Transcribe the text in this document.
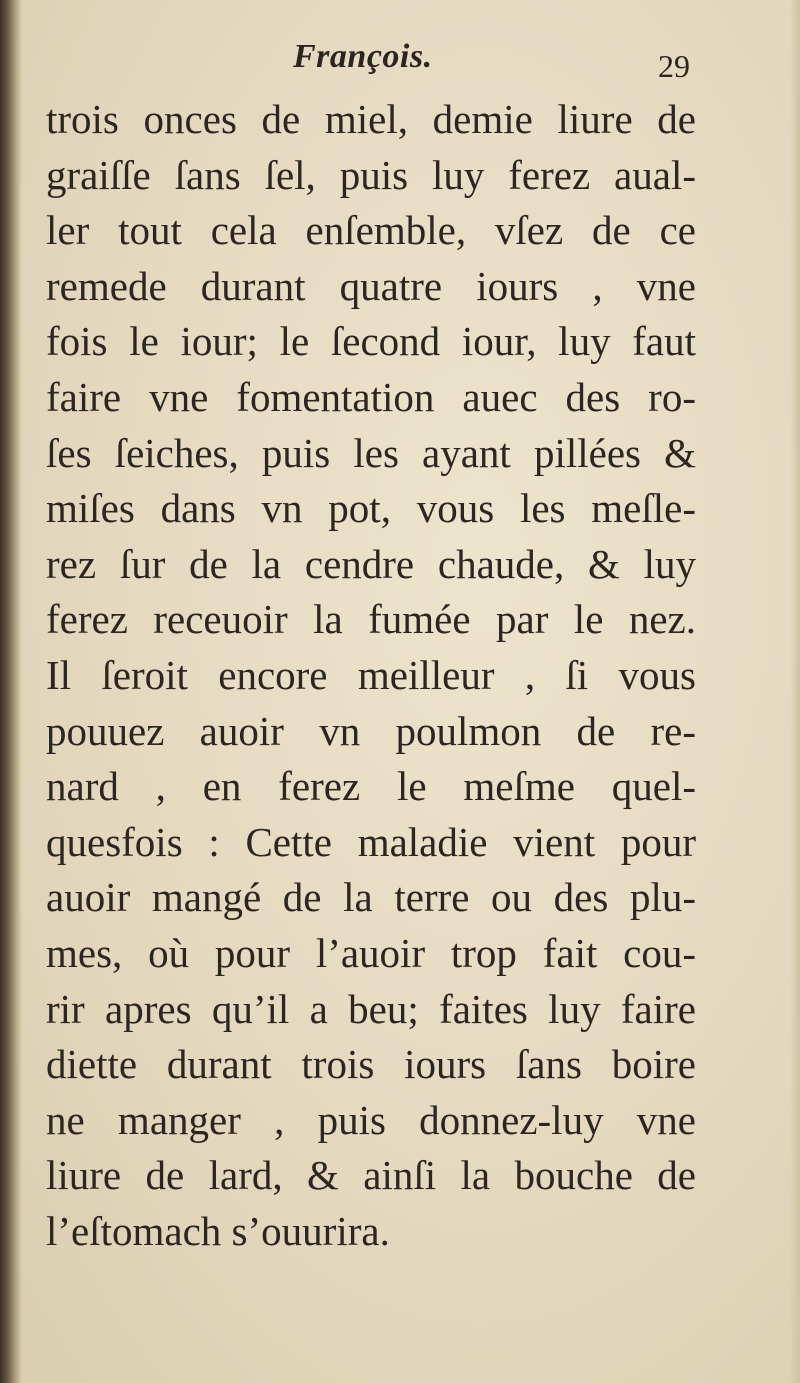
François.	29
trois onces de miel, demie liure de
graiſſe ſans ſel, puis luy ferez aual-
ler tout cela enſemble, vſez de ce
remede durant quatre iours , vne
fois le iour; le ſecond iour, luy faut
faire vne fomentation auec des ro-
ſes ſeiches, puis les ayant pillées &
miſes dans vn pot, vous les meſle-
rez ſur de la cendre chaude, & luy
ferez receuoir la fumée par le nez.
Il ſeroit encore meilleur , ſi vous
pouuez auoir vn poulmon de re-
nard , en ferez le meſme quel-
quesfois : Cette maladie vient pour
auoir mangé de la terre ou des plu-
mes, où pour l’auoir trop fait cou-
rir apres qu’il a beu; faites luy faire
diette durant trois iours ſans boire
ne manger , puis donnez-luy vne
liure de lard, & ainſi la bouche de
l’eſtomach s’ouurira.
